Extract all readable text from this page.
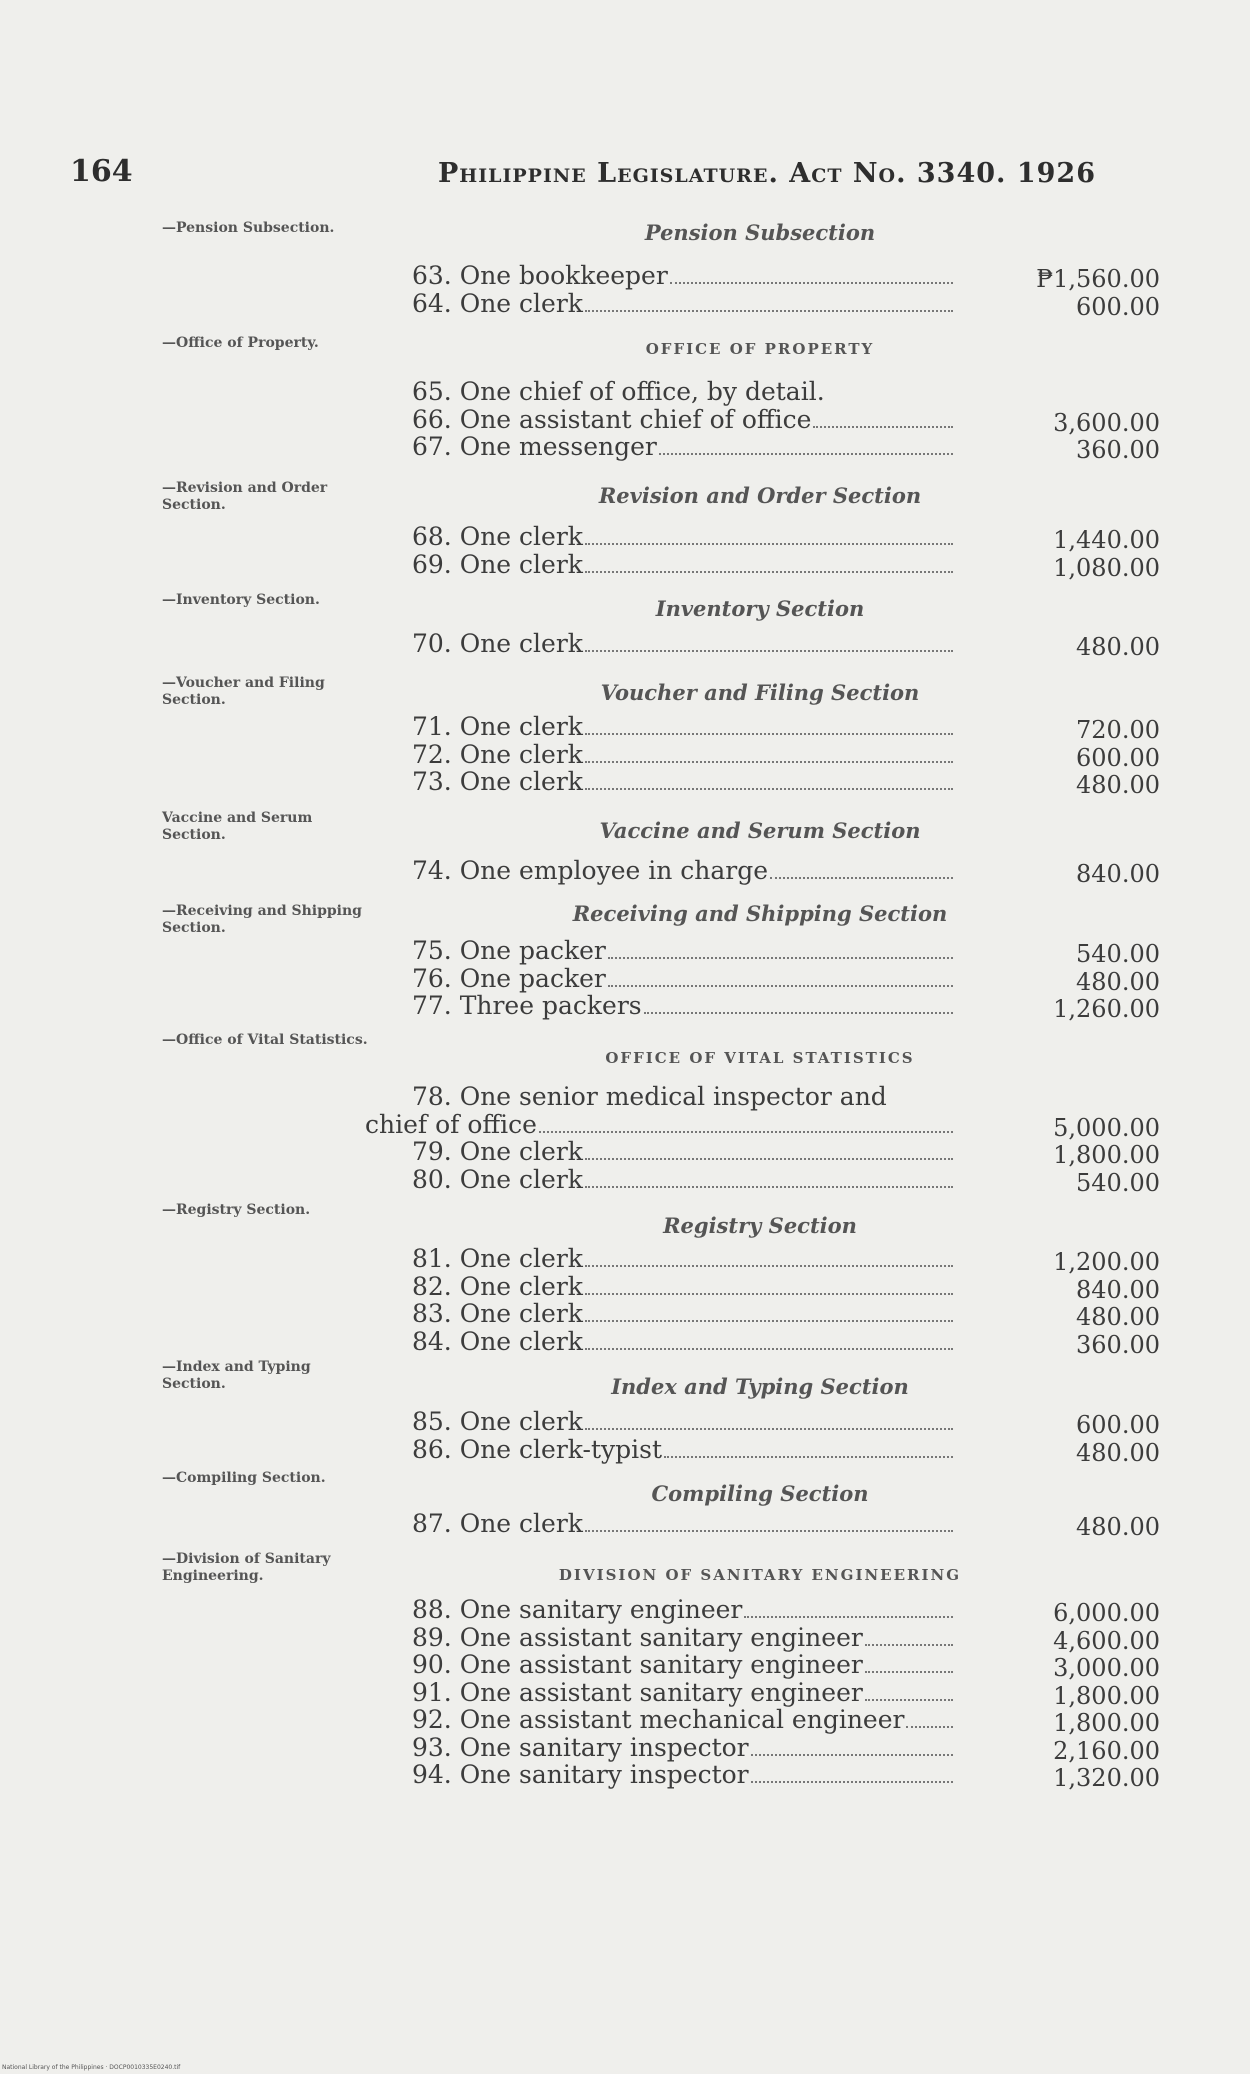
164	Philippine Legislature. Act No. 3340. 1926
—Pension Subsection.	Pension Subsection
63. One bookkeeper	₱1,560.00
64. One clerk	600.00
—Office of Property.	OFFICE OF PROPERTY
65. One chief of office, by detail.
66. One assistant chief of office	3,600.00
67. One messenger	360.00
—Revision and Order Section.	Revision and Order Section
68. One clerk	1,440.00
69. One clerk	1,080.00
—Inventory Section.	Inventory Section
70. One clerk	480.00
—Voucher and Filing Section.	Voucher and Filing Section
71. One clerk	720.00
72. One clerk	600.00
73. One clerk	480.00
Vaccine and Serum Section.	Vaccine and Serum Section
74. One employee in charge	840.00
—Receiving and Shipping Section.
Receiving and Shipping Section
75. One packer	540.00
76. One packer	480.00
77. Three packers	1,260.00
—Office of Vital Statistics.
OFFICE OF VITAL STATISTICS
78. One senior medical inspector and
chief of office	5,000.00
79. One clerk	1,800.00
80. One clerk	540.00
—Registry Section.
Registry Section
81. One clerk	1,200.00
82. One clerk	840.00
83. One clerk	480.00
84. One clerk	360.00
—Index and Typing Section.	Index and Typing Section
85. One clerk	600.00
86. One clerk-typist	480.00
—Compiling Section.
Compiling Section
87. One clerk	480.00
—Division of Sanitary Engineering.	DIVISION OF SANITARY ENGINEERING
88. One sanitary engineer	6,000.00
89. One assistant sanitary engineer	4,600.00
90. One assistant sanitary engineer	3,000.00
91. One assistant sanitary engineer	1,800.00
92. One assistant mechanical engineer	1,800.00
93. One sanitary inspector	2,160.00
94. One sanitary inspector	1,320.00
National Library of the Philippines · DOCP0010335E0240.tif
